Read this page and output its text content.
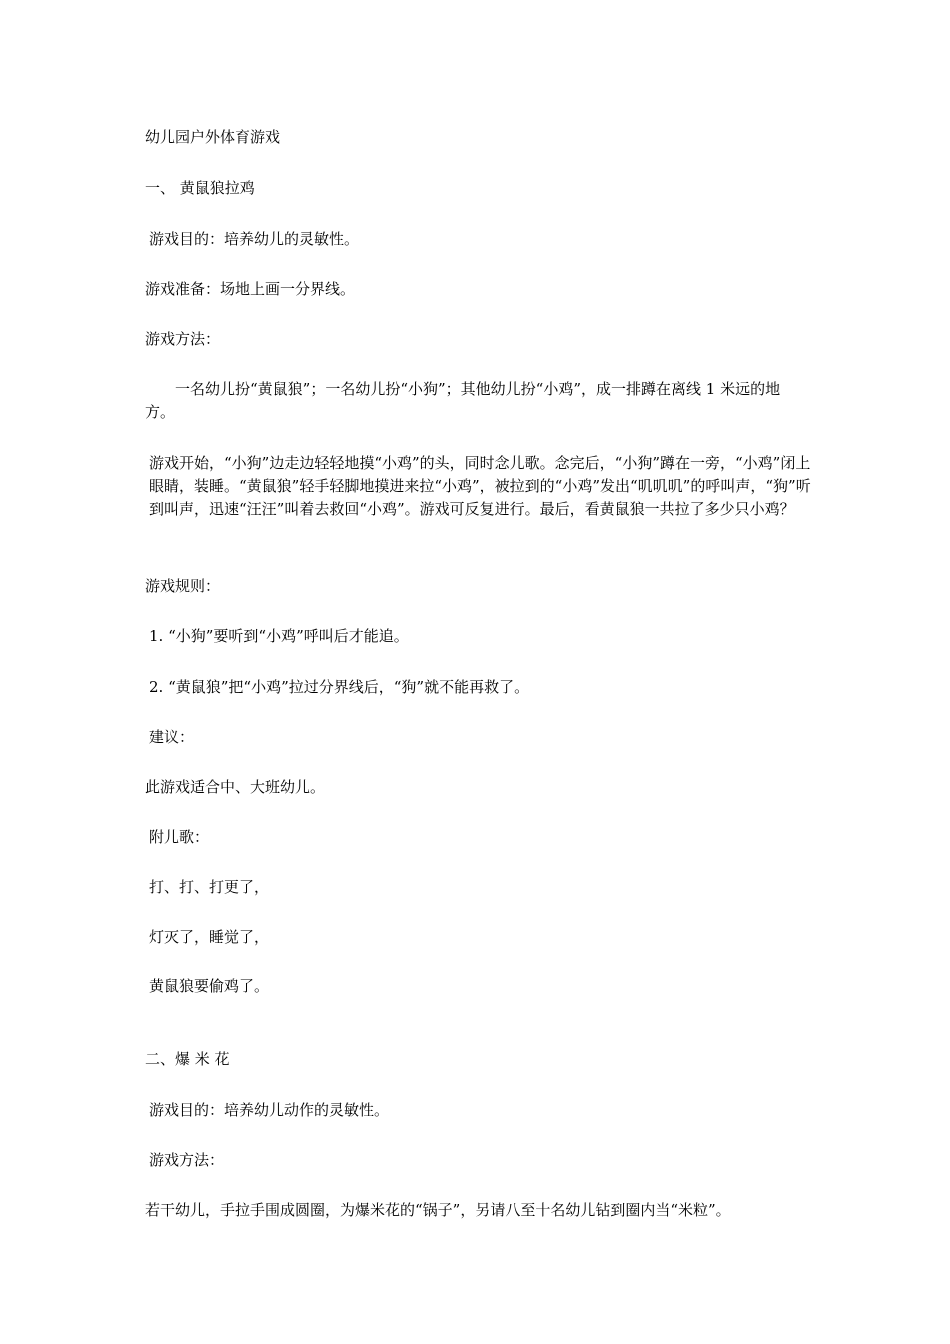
幼儿园户外体育游戏

一、 黄鼠狼拉鸡

游戏目的：培养幼儿的灵敏性。

游戏准备：场地上画一分界线。

游戏方法：

一名幼儿扮“黄鼠狼”；一名幼儿扮“小狗”；其他幼儿扮“小鸡”，成一排蹲在离线 1 米远的地方。

游戏开始，“小狗”边走边轻轻地摸“小鸡”的头，同时念儿歌。念完后，“小狗”蹲在一旁，“小鸡”闭上眼睛，装睡。“黄鼠狼”轻手轻脚地摸进来拉“小鸡”，被拉到的“小鸡”发出“叽叽叽”的呼叫声，“狗”听到叫声，迅速“汪汪”叫着去救回“小鸡”。游戏可反复进行。最后，看黄鼠狼一共拉了多少只小鸡？

游戏规则：

1. “小狗”要听到“小鸡”呼叫后才能追。

2. “黄鼠狼”把“小鸡”拉过分界线后，“狗”就不能再救了。

建议：

此游戏适合中、大班幼儿。

附儿歌：

打、打、打更了，

灯灭了，睡觉了，

黄鼠狼要偷鸡了。

二、爆 米 花

游戏目的：培养幼儿动作的灵敏性。

游戏方法：

若干幼儿，手拉手围成圆圈，为爆米花的“锅子”，另请八至十名幼儿钻到圈内当“米粒”。
